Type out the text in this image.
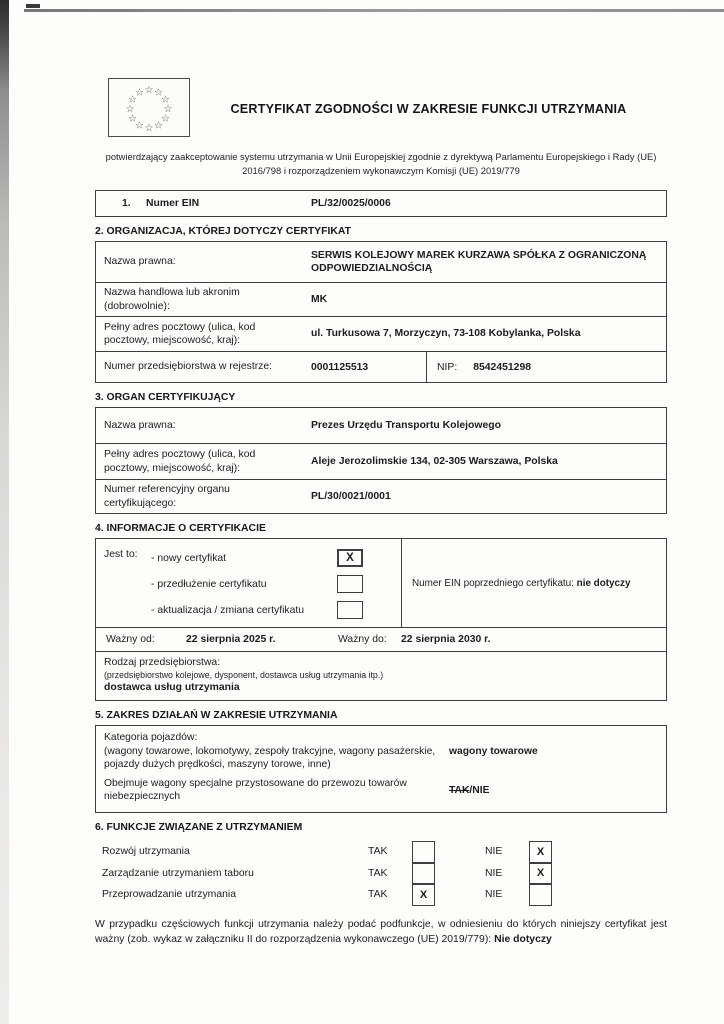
☆ ☆
☆
☆
☆
☆
☆
☆
☆
☆
☆
☆
CERTYFIKAT ZGODNOŚCI W ZAKRESIE FUNKCJI UTRZYMANIA
potwierdzający zaakceptowanie systemu utrzymania w Unii Europejskiej zgodnie z dyrektywą Parlamentu Europejskiego i Rady (UE) 2016/798 i rozporządzeniem wykonawczym Komisji (UE) 2019/779
1.	Numer EIN	PL/32/0025/0006
2. ORGANIZACJA, KTÓREJ DOTYCZY CERTYFIKAT
Nazwa prawna:
SERWIS KOLEJOWY MAREK KURZAWA SPÓŁKA Z OGRANICZONĄ ODPOWIEDZIALNOŚCIĄ
Nazwa handlowa lub akronim (dobrowolnie):
MK
Pełny adres pocztowy (ulica, kod pocztowy, miejscowość, kraj):
ul. Turkusowa 7, Morzyczyn, 73-108 Kobylanka, Polska
Numer przedsiębiorstwa w rejestrze:	0001125513	NIP: 8542451298
3. ORGAN CERTYFIKUJĄCY
Nazwa prawna:	Prezes Urzędu Transportu Kolejowego
Pełny adres pocztowy (ulica, kod pocztowy, miejscowość, kraj):
Aleje Jerozolimskie 134, 02-305 Warszawa, Polska
Numer referencyjny organu certyfikującego:
PL/30/0021/0001
4. INFORMACJE O CERTYFIKACIE
Jest to: - nowy certyfikat	X
- przedłużenie certyfikatu
- aktualizacja / zmiana certyfikatu
Numer EIN poprzedniego certyfikatu: nie dotyczy
Ważny od:	22 sierpnia 2025 r.	Ważny do:	22 sierpnia 2030 r.
Rodzaj przedsiębiorstwa:
(przedsiębiorstwo kolejowe, dysponent, dostawca usług utrzymania itp.)
dostawca usług utrzymania
5. ZAKRES DZIAŁAŃ W ZAKRESIE UTRZYMANIA
Kategoria pojazdów:
(wagony towarowe, lokomotywy, zespoły trakcyjne, wagony pasażerskie, pojazdy dużych prędkości, maszyny torowe, inne)
wagony towarowe
Obejmuje wagony specjalne przystosowane do przewozu towarów niebezpiecznych
TAK / NIE
6. FUNKCJE ZWIĄZANE Z UTRZYMANIEM
Rozwój utrzymania	TAK	NIE	X
Zarządzanie utrzymaniem taboru	TAK	NIE	X
Przeprowadzanie utrzymania	TAK	X	NIE
W przypadku częściowych funkcji utrzymania należy podać podfunkcje, w odniesieniu do których niniejszy certyfikat jest ważny (zob. wykaz w załączniku II do rozporządzenia wykonawczego (UE) 2019/779): Nie dotyczy
